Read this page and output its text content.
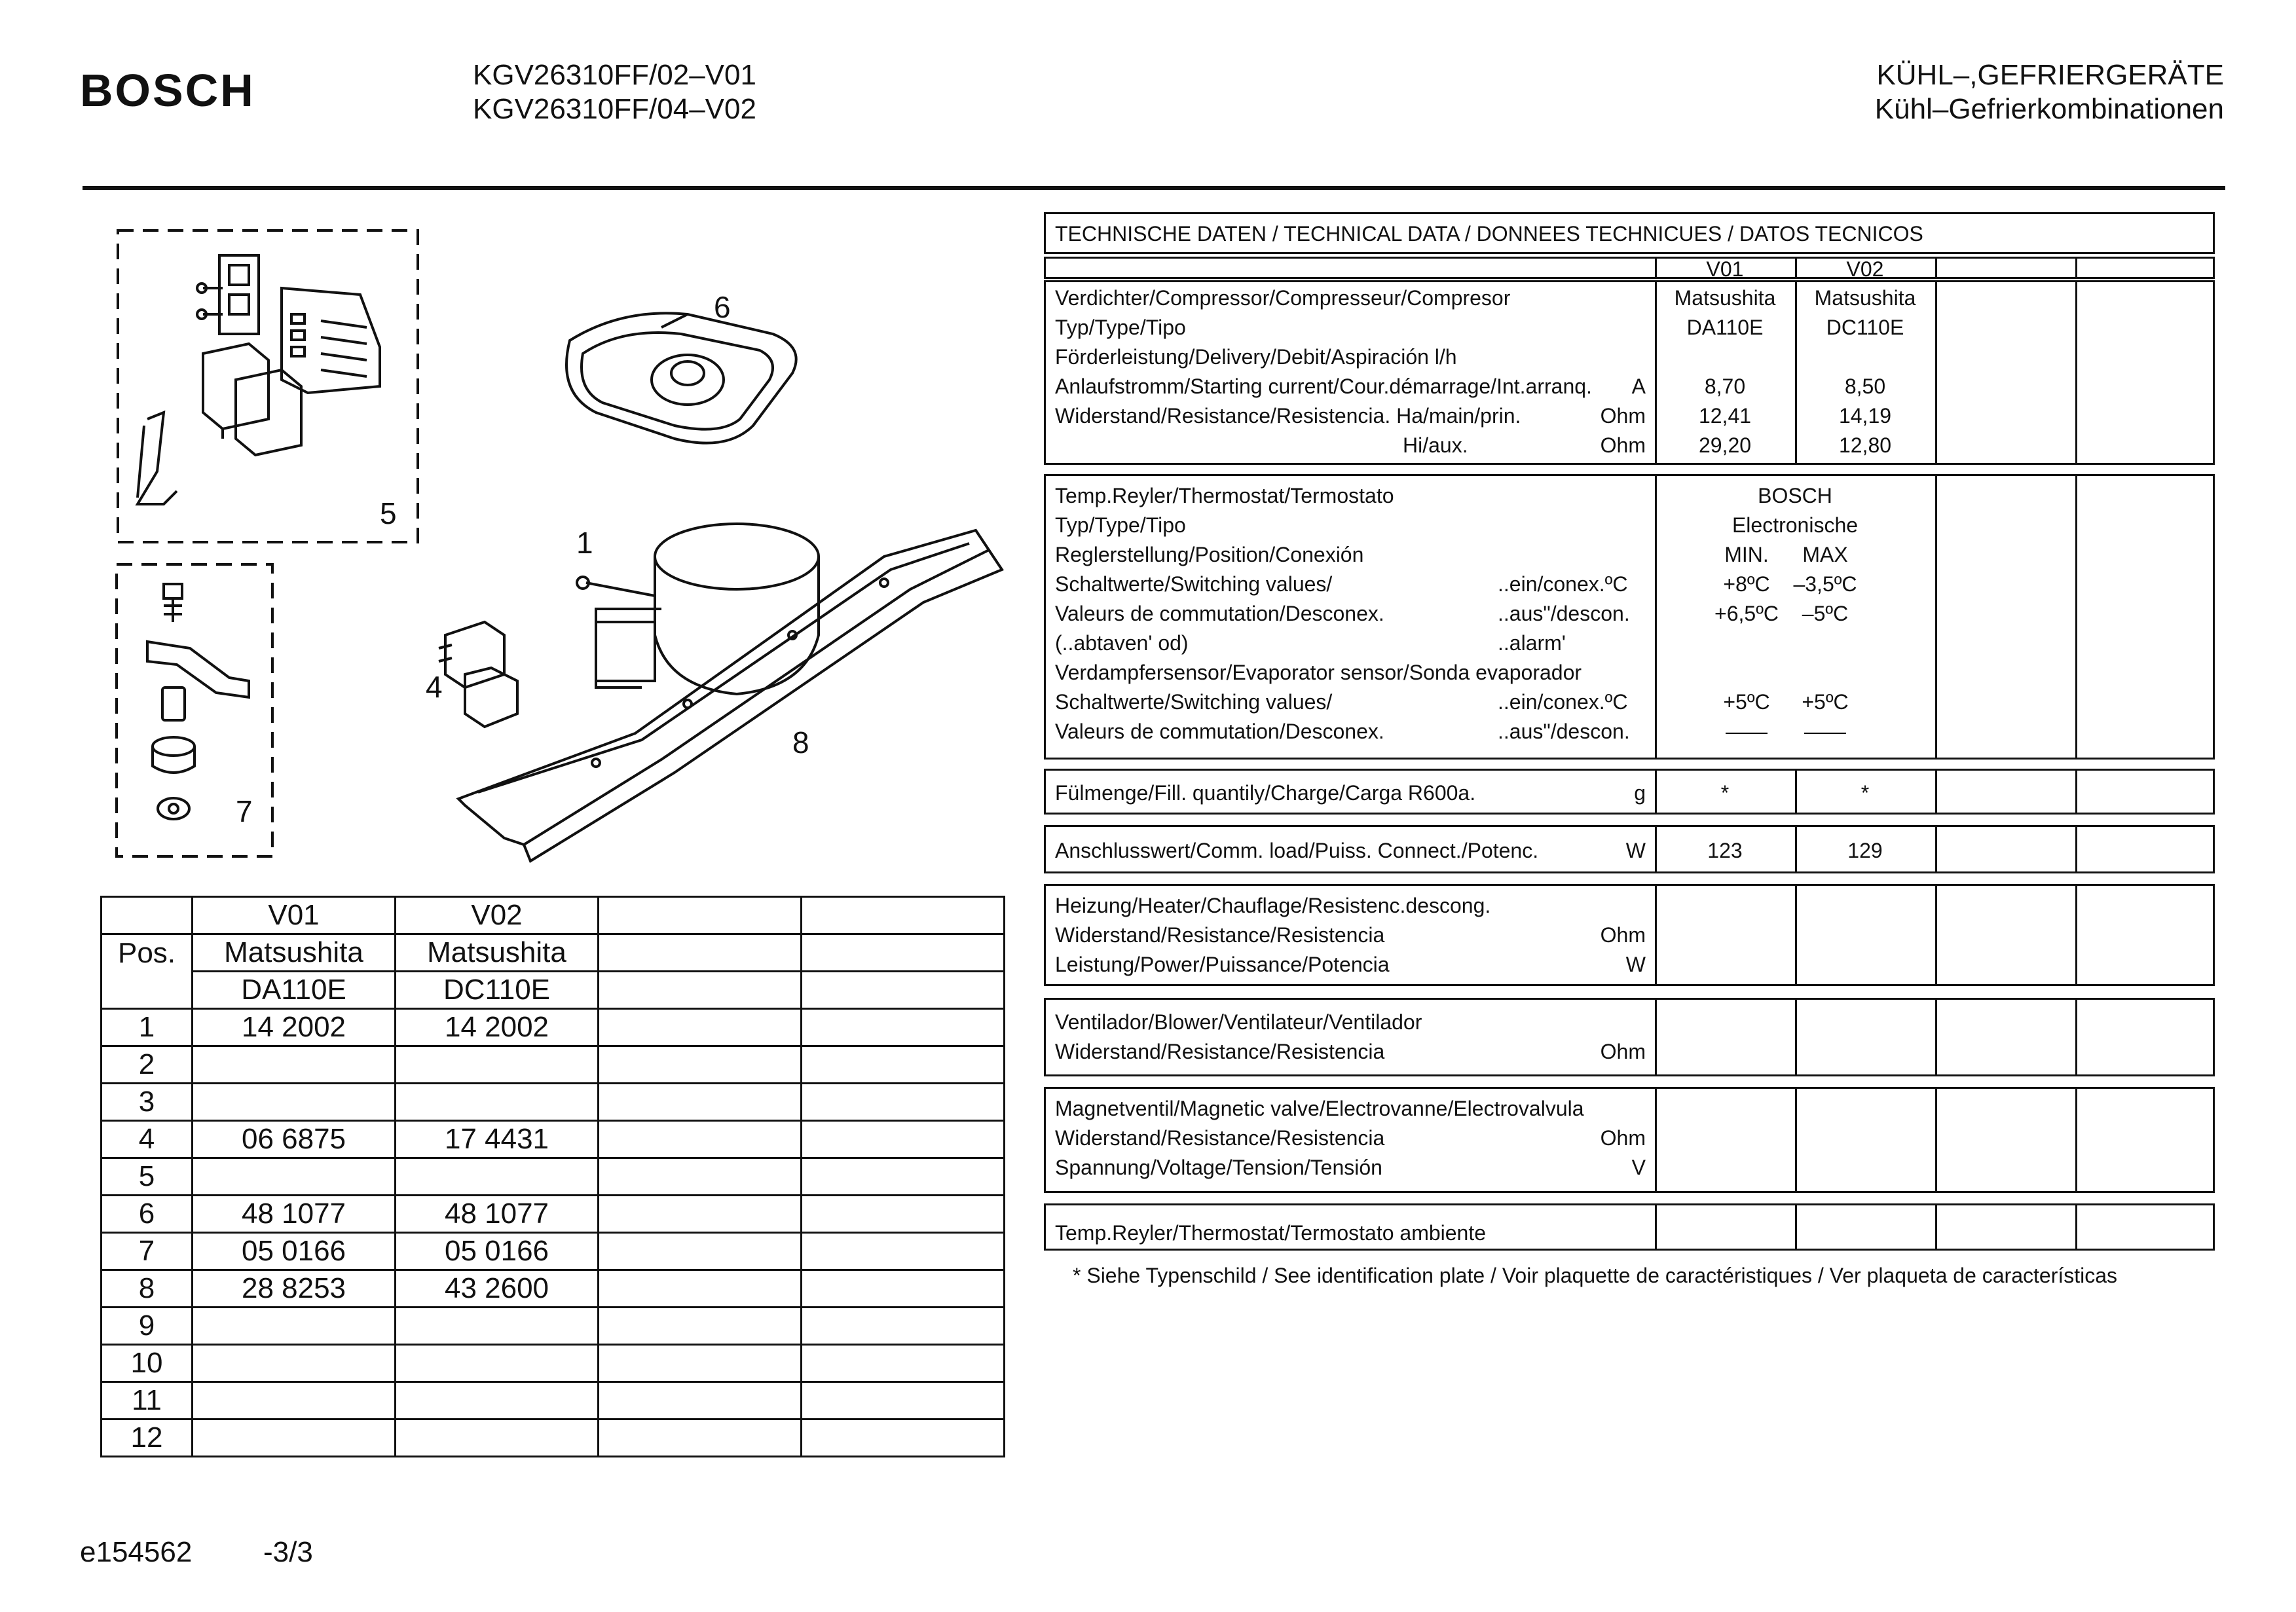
BOSCH	KGV26310FF/02–V01
KGV26310FF/04–V02
KÜHL–,GEFRIERGERÄTE
Kühl–Gefrierkombinationen
5
6
1
4
8
7
	V01	V02		
Pos.	Matsushita	Matsushita		
	DA110E	DC110E		
1	14 2002	14 2002		
2				
3				
4	06 6875	17 4431		
5				
6	48 1077	48 1077		
7	05 0166	05 0166		
8	28 8253	43 2600		
9				
10				
11				
12				
TECHNISCHE DATEN / TECHNICAL DATA / DONNEES TECHNICUES / DATOS TECNICOS
V01	V02
Verdichter/Compressor/Compresseur/Compresor	Matsushita	Matsushita
Typ/Type/Tipo	DA110E	DC110E
Förderleistung/Delivery/Debit/Aspiración l/h
Anlaufstromm/Starting current/Cour.démarrage/Int.arranq.	A	8,70	8,50
Widerstand/Resistance/Resistencia. Ha/main/prin.	Ohm	12,41	14,19
Hi/aux.	Ohm	29,20	12,80
Temp.Reyler/Thermostat/Termostato	BOSCH
Typ/Type/Tipo	Electronische
Reglerstellung/Position/Conexión	MIN.	MAX
Schaltwerte/Switching values/	..ein/conex.ºC	+8ºC	–3,5ºC
Valeurs de commutation/Desconex.	..aus"/descon.	+6,5ºC	–5ºC
(..abtaven' od)	..alarm'
Verdampfersensor/Evaporator sensor/Sonda evaporador
Schaltwerte/Switching values/	..ein/conex.ºC	+5ºC	+5ºC
Valeurs de commutation/Desconex.	..aus"/descon.	——	——
Fülmenge/Fill. quantily/Charge/Carga R600a.	g	*	*
Anschlusswert/Comm. load/Puiss. Connect./Potenc.	W	123	129
Heizung/Heater/Chauflage/Resistenc.descong.
Widerstand/Resistance/Resistencia	Ohm
Leistung/Power/Puissance/Potencia	W
Ventilador/Blower/Ventilateur/Ventilador
Widerstand/Resistance/Resistencia	Ohm
Magnetventil/Magnetic valve/Electrovanne/Electrovalvula
Widerstand/Resistance/Resistencia	Ohm
Spannung/Voltage/Tension/Tensión	V
Temp.Reyler/Thermostat/Termostato ambiente
* Siehe Typenschild / See identification plate / Voir plaquette de caractéristiques / Ver plaqueta de características
e154562 -3/3
